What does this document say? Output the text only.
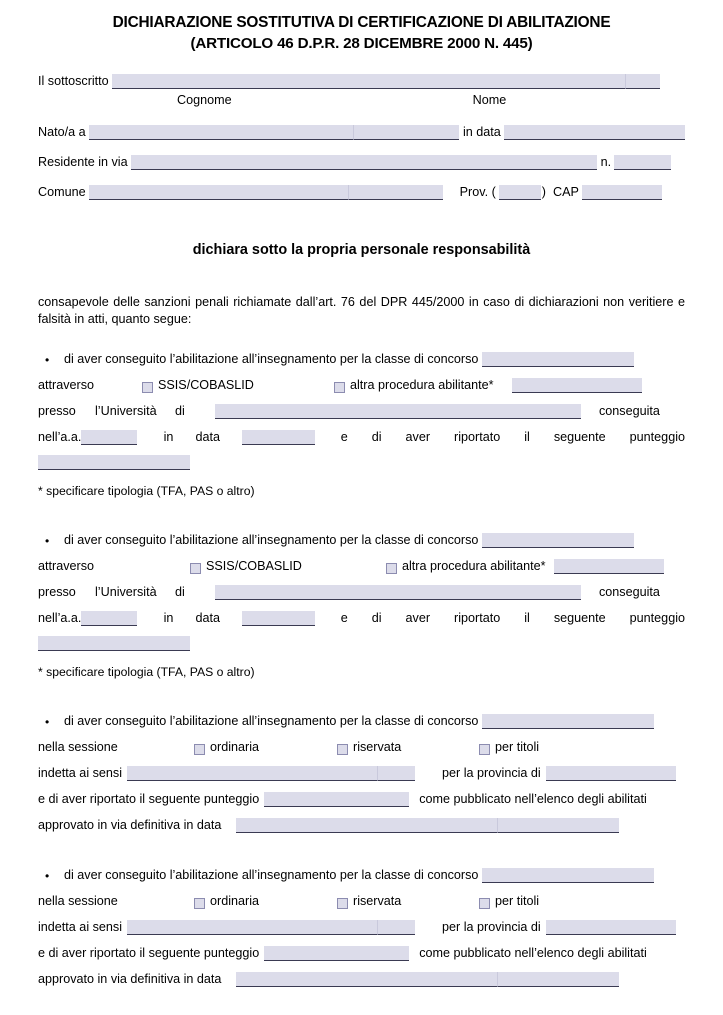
DICHIARAZIONE SOSTITUTIVA DI CERTIFICAZIONE DI ABILITAZIONE
(ARTICOLO 46 D.P.R. 28 DICEMBRE 2000 N. 445)
Il sottoscritto
Cognome	Nome
Nato/a a	in data
Residente in via	n.
Comune	Prov. (	) CAP
dichiara sotto la propria personale responsabilità
consapevole delle sanzioni penali richiamate dall’art. 76 del DPR 445/2000 in caso di dichiarazioni non veritiere e falsità in atti, quanto segue:
•	di aver conseguito l’abilitazione all’insegnamento per la classe di concorso
attraverso	SSIS/COBASLID	altra procedura abilitante*
presso	l’Università	di	conseguita
nell’a.a.	in	data	e	di	aver	riportato	il	seguente	punteggio
* specificare tipologia (TFA, PAS o altro)
•	di aver conseguito l’abilitazione all’insegnamento per la classe di concorso
attraverso	SSIS/COBASLID	altra procedura abilitante*
presso	l’Università	di	conseguita
nell’a.a.	in	data	e	di	aver	riportato	il	seguente	punteggio
* specificare tipologia (TFA, PAS o altro)
•	di aver conseguito l’abilitazione all’insegnamento per la classe di concorso
nella sessione	ordinaria	riservata	per titoli
indetta ai sensi	per la provincia di
e di aver riportato il seguente punteggio	come pubblicato nell’elenco degli abilitati
approvato in via definitiva in data
•	di aver conseguito l’abilitazione all’insegnamento per la classe di concorso
nella sessione	ordinaria	riservata	per titoli
indetta ai sensi	per la provincia di
e di aver riportato il seguente punteggio	come pubblicato nell’elenco degli abilitati
approvato in via definitiva in data
